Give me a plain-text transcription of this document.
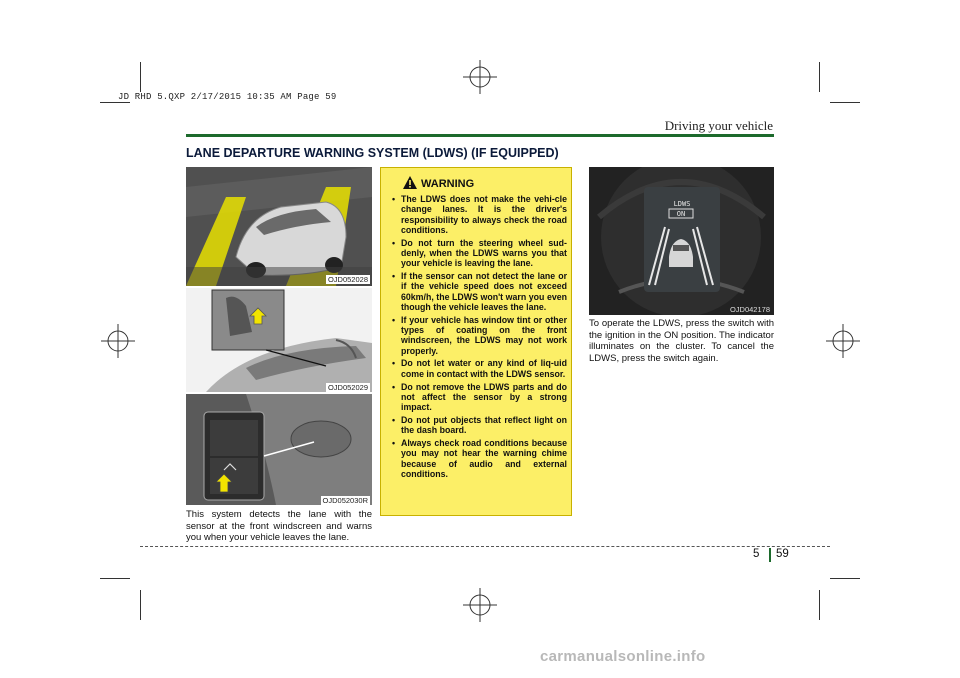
JD RHD 5.QXP 2/17/2015 10:35 AM Page 59
Driving your vehicle
LANE DEPARTURE WARNING SYSTEM (LDWS) (IF EQUIPPED)
OJD052028
OJD052029
OJD052030R
This system detects the lane with the sensor at the front windscreen and warns you when your vehicle leaves the lane.
WARNING
• The LDWS does not make the vehi-cle change lanes. It is the driver's responsibility to always check the road conditions.
• Do not turn the steering wheel sud-denly, when the LDWS warns you that your vehicle is leaving the lane.
• If the sensor can not detect the lane or if the vehicle speed does not exceed 60km/h, the LDWS won't warn you even though the vehicle leaves the lane.
• If your vehicle has window tint or other types of coating on the front windscreen, the LDWS may not work properly.
• Do not let water or any kind of liq-uid come in contact with the LDWS sensor.
• Do not remove the LDWS parts and do not affect the sensor by a strong impact.
• Do not put objects that reflect light on the dash board.
• Always check road conditions because you may not hear the warning chime because of audio and external conditions.
LDWS
ON
OJD042178
To operate the LDWS, press the switch with the ignition in the ON position. The indicator illuminates on the cluster. To cancel the LDWS, press the switch again.
5 59
carmanualsonline.info
